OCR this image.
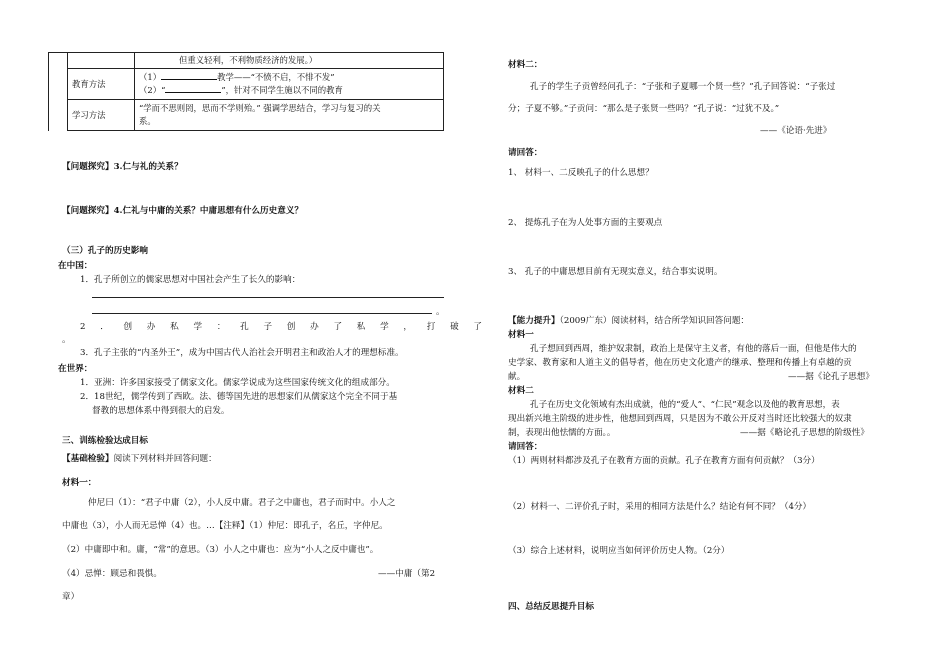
		但重义轻利，不利物质经济的发展。）
	教育方法	（1） 教学——“不愤不启，不悱不发”
（2）“ ”，针对不同学生施以不同的教育

	学习方法	“学而不思则罔，思而不学则殆。” 强调学思结合，学习与复习的关
系。
【问题探究】3.仁与礼的关系？
【问题探究】4.仁礼与中庸的关系？中庸思想有什么历史意义？
（三）孔子的历史影响
在中国：
1．孔子所创立的儒家思想对中国社会产生了长久的影响：
。
2 ． 创 办 私 学 ： 孔 子 创 办 了 私 学 ， 打 破 了
。
3．孔子主张的“内圣外王”，成为中国古代人治社会开明君主和政治人才的理想标准。
在世界：
1．亚洲：许多国家接受了儒家文化。儒家学说成为这些国家传统文化的组成部分。
2．18世纪，儒学传到了西欧。法、德等国先进的思想家们从儒家这个完全不同于基
督教的思想体系中得到很大的启发。
三、训练检验达成目标
【基础检验】阅读下列材料并回答问题：
材料一：
仲尼曰（1）：“君子中庸（2），小人反中庸。君子之中庸也，君子而时中。小人之
中庸也（3），小人而无忌惮（4）也。…【注释】（1）仲尼：即孔子，名丘，字仲尼。
（2）中庸即中和。庸，“常”的意思。（3）小人之中庸也：应为“小人之反中庸也”。
（4）忌惮：顾忌和畏惧。	——中庸（第2
章）
材料二：
孔子的学生子贡曾经问孔子：“子张和子夏哪一个贤一些？”孔子回答说：“子张过
分；子夏不够。”子贡问：“那么是子张贤一些吗？”孔子说：“过犹不及。”
——《论语·先进》
请回答：
1、 材料一、二反映孔子的什么思想？
2、 提炼孔子在为人处事方面的主要观点
3、 孔子的中庸思想目前有无现实意义，结合事实说明。
【能力提升】（2009广东）阅读材料，结合所学知识回答问题：
材料一
孔子想回到西周，维护奴隶制，政治上是保守主义者，有他的落后一面，但他是伟大的
史学家、教育家和人道主义的倡导者，他在历史文化遗产的继承、整理和传播上有卓越的贡
献。	——据《论孔子思想》
材料二
孔子在历史文化领域有杰出成就，他的“爱人”、“仁民”观念以及他的教育思想，表
现出新兴地主阶级的进步性，他想回到西周，只是因为不敢公开反对当时还比较强大的奴隶
制，表现出他怯懦的方面。。	——据《略论孔子思想的阶级性》
请回答：
（1）两则材料都涉及孔子在教育方面的贡献。孔子在教育方面有何贡献？（3分）
（2）材料一、二评价孔子时，采用的相同方法是什么？结论有何不同？（4分）
（3）综合上述材料，说明应当如何评价历史人物。（2分）
四、总结反思提升目标
